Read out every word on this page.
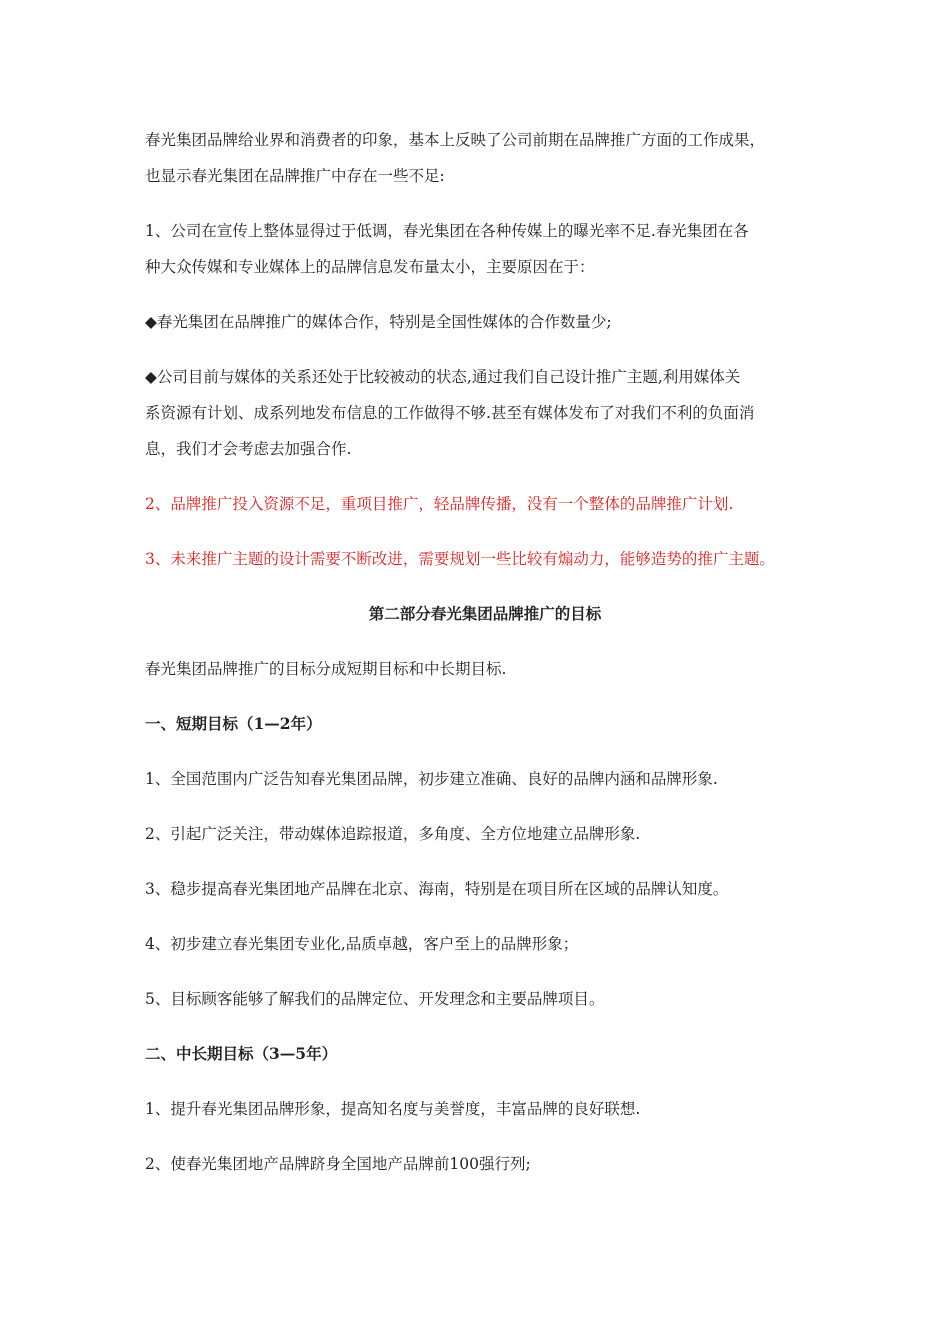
春光集团品牌给业界和消费者的印象，基本上反映了公司前期在品牌推广方面的工作成果，
也显示春光集团在品牌推广中存在一些不足:

1、公司在宣传上整体显得过于低调，春光集团在各种传媒上的曝光率不足.春光集团在各
种大众传媒和专业媒体上的品牌信息发布量太小，主要原因在于：

◆春光集团在品牌推广的媒体合作，特别是全国性媒体的合作数量少;

◆公司目前与媒体的关系还处于比较被动的状态,通过我们自己设计推广主题,利用媒体关
系资源有计划、成系列地发布信息的工作做得不够.甚至有媒体发布了对我们不利的负面消
息，我们才会考虑去加强合作.

2、品牌推广投入资源不足，重项目推广，轻品牌传播，没有一个整体的品牌推广计划.

3、未来推广主题的设计需要不断改进，需要规划一些比较有煽动力，能够造势的推广主题。

第二部分春光集团品牌推广的目标

春光集团品牌推广的目标分成短期目标和中长期目标.

一、短期目标（1—2年）

1、全国范围内广泛告知春光集团品牌，初步建立准确、良好的品牌内涵和品牌形象.

2、引起广泛关注，带动媒体追踪报道，多角度、全方位地建立品牌形象.

3、稳步提高春光集团地产品牌在北京、海南，特别是在项目所在区域的品牌认知度。

4、初步建立春光集团专业化,品质卓越，客户至上的品牌形象；

5、目标顾客能够了解我们的品牌定位、开发理念和主要品牌项目。

二、中长期目标（3—5年）

1、提升春光集团品牌形象，提高知名度与美誉度，丰富品牌的良好联想.

2、使春光集团地产品牌跻身全国地产品牌前100强行列;
